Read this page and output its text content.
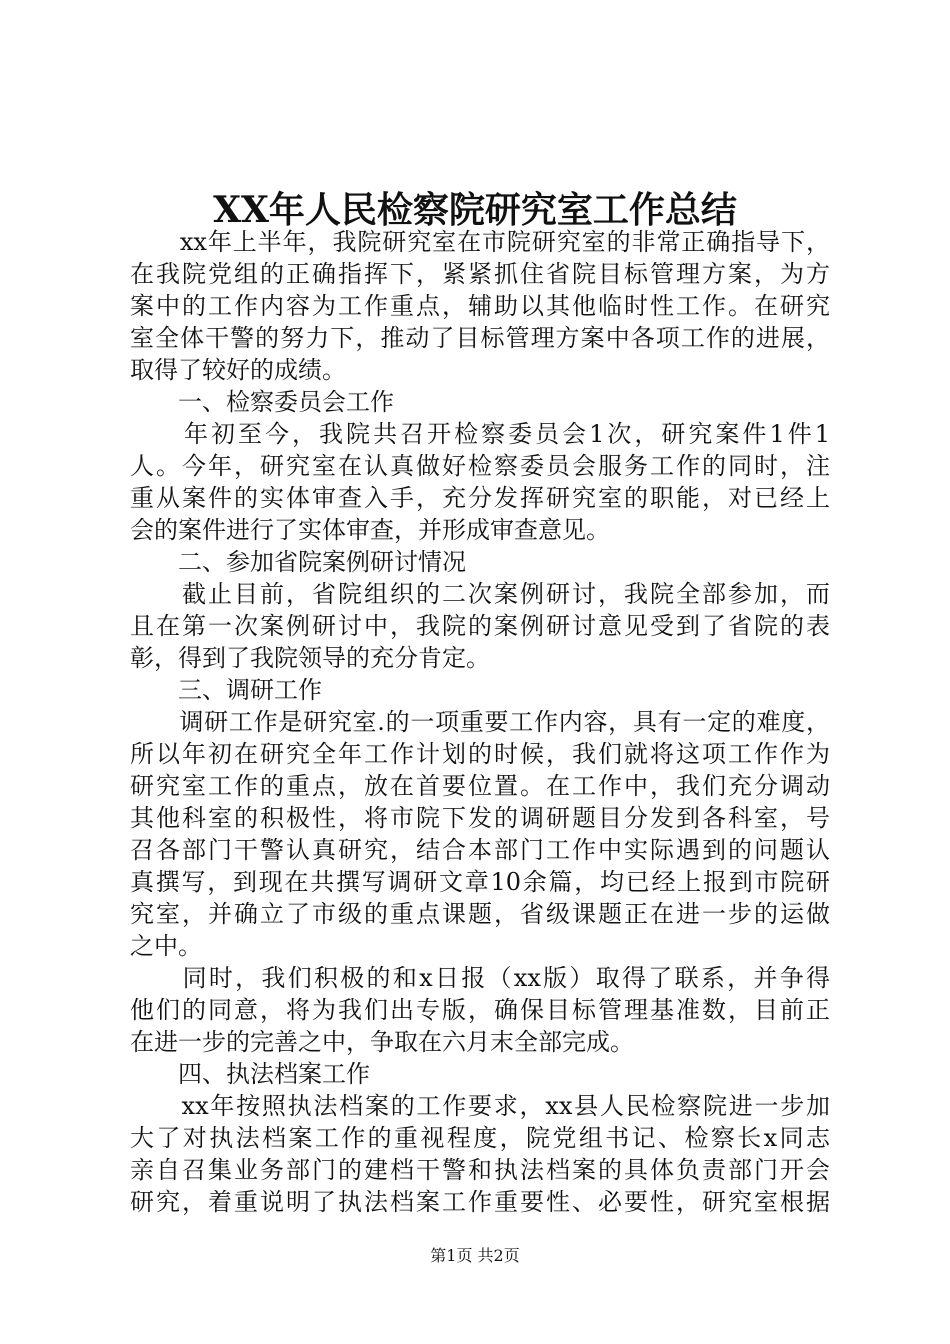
XX年人民检察院研究室工作总结

　　xx年上半年，我院研究室在市院研究室的非常正确指导下，

在我院党组的正确指挥下，紧紧抓住省院目标管理方案，为方

案中的工作内容为工作重点，辅助以其他临时性工作。在研究

室全体干警的努力下，推动了目标管理方案中各项工作的进展，

取得了较好的成绩。

　　一、检察委员会工作

　　年初至今，我院共召开检察委员会1次，研究案件1件1

人。今年，研究室在认真做好检察委员会服务工作的同时，注

重从案件的实体审查入手，充分发挥研究室的职能，对已经上

会的案件进行了实体审查，并形成审查意见。

　　二、参加省院案例研讨情况

　　截止目前，省院组织的二次案例研讨，我院全部参加，而

且在第一次案例研讨中，我院的案例研讨意见受到了省院的表

彰，得到了我院领导的充分肯定。

　　三、调研工作

　　调研工作是研究室.的一项重要工作内容，具有一定的难度，

所以年初在研究全年工作计划的时候，我们就将这项工作作为

研究室工作的重点，放在首要位置。在工作中，我们充分调动

其他科室的积极性，将市院下发的调研题目分发到各科室，号

召各部门干警认真研究，结合本部门工作中实际遇到的问题认

真撰写，到现在共撰写调研文章10余篇，均已经上报到市院研

究室，并确立了市级的重点课题，省级课题正在进一步的运做

之中。

　　同时，我们积极的和x日报（xx版）取得了联系，并争得

他们的同意，将为我们出专版，确保目标管理基准数，目前正

在进一步的完善之中，争取在六月末全部完成。

　　四、执法档案工作

　　xx年按照执法档案的工作要求，xx县人民检察院进一步加

大了对执法档案工作的重视程度，院党组书记、检察长x同志

亲自召集业务部门的建档干警和执法档案的具体负责部门开会

研究，着重说明了执法档案工作重要性、必要性，研究室根据

第1页 共2页
